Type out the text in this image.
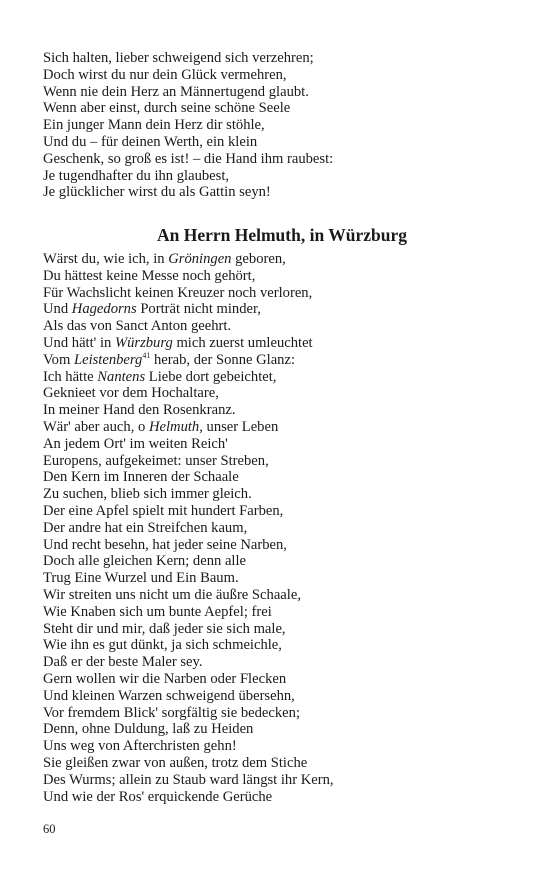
Sich halten, lieber schweigend sich verzehren;
Doch wirst du nur dein Glück vermehren,
Wenn nie dein Herz an Männertugend glaubt.
Wenn aber einst, durch seine schöne Seele
Ein junger Mann dein Herz dir stöhle,
Und du – für deinen Werth, ein klein
Geschenk, so groß es ist! – die Hand ihm raubest:
Je tugendhafter du ihn glaubest,
Je glücklicher wirst du als Gattin seyn!
An Herrn Helmuth, in Würzburg
Wärst du, wie ich, in Gröningen geboren,
Du hättest keine Messe noch gehört,
Für Wachslicht keinen Kreuzer noch verloren,
Und Hagedorns Porträt nicht minder,
Als das von Sanct Anton geehrt.
Und hätt' in Würzburg mich zuerst umleuchtet
Vom Leistenberg$^{41}$ herab, der Sonne Glanz:
Ich hätte Nantens Liebe dort gebeichtet,
Gekniеet vor dem Hochaltare,
In meiner Hand den Rosenkranz.
Wär' aber auch, o Helmuth, unser Leben
An jedem Ort' im weiten Reich'
Europens, aufgekeimet: unser Streben,
Den Kern im Inneren der Schaale
Zu suchen, blieb sich immer gleich.
Der eine Apfel spielt mit hundert Farben,
Der andre hat ein Streifchen kaum,
Und recht besehn, hat jeder seine Narben,
Doch alle gleichen Kern; denn alle
Trug Eine Wurzel und Ein Baum.
Wir streiten uns nicht um die äußre Schaale,
Wie Knaben sich um bunte Aepfel; frei
Steht dir und mir, daß jeder sie sich male,
Wie ihn es gut dünkt, ja sich schmeichle,
Daß er der beste Maler sey.
Gern wollen wir die Narben oder Flecken
Und kleinen Warzen schweigend übersehn,
Vor fremdem Blick' sorgfältig sie bedecken;
Denn, ohne Duldung, laß zu Heiden
Uns weg von Afterchristen gehn!
Sie gleißen zwar von außen, trotz dem Stiche
Des Wurms; allein zu Staub ward längst ihr Kern,
Und wie der Ros' erquickende Gerüche
60
